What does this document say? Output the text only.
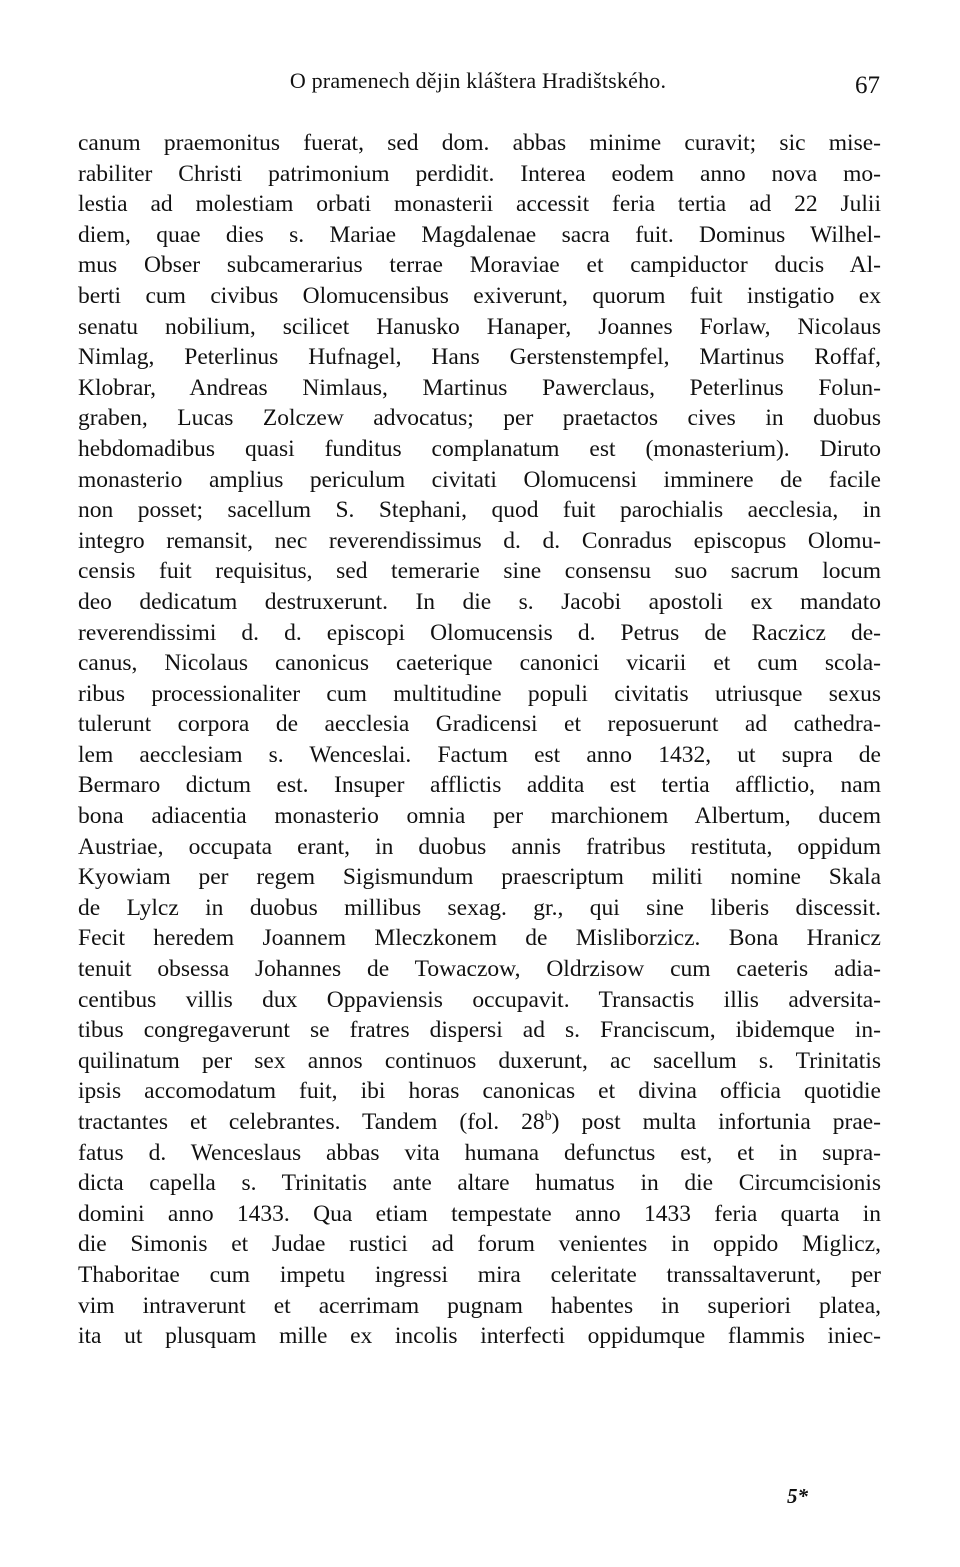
O pramenech dějin kláštera Hradištského.	67
canum praemonitus fuerat, sed dom. abbas minime curavit; sic mise-
rabiliter Christi patrimonium perdidit. Interea eodem anno nova mo-
lestia ad molestiam orbati monasterii accessit feria tertia ad 22 Julii
diem, quae dies s. Mariae Magdalenae sacra fuit. Dominus Wilhel-
mus Obser subcamerarius terrae Moraviae et campiductor ducis Al-
berti cum civibus Olomucensibus exiverunt, quorum fuit instigatio ex
senatu nobilium, scilicet Hanusko Hanaper, Joannes Forlaw, Nicolaus
Nimlag, Peterlinus Hufnagel, Hans Gerstenstempfel, Martinus Roffaf,
Klobrar, Andreas Nimlaus, Martinus Pawerclaus, Peterlinus Folun-
graben, Lucas Zolczew advocatus; per praetactos cives in duobus
hebdomadibus quasi funditus complanatum est (monasterium). Diruto
monasterio amplius periculum civitati Olomucensi imminere de facile
non posset; sacellum S. Stephani, quod fuit parochialis aecclesia, in
integro remansit, nec reverendissimus d. d. Conradus episcopus Olomu-
censis fuit requisitus, sed temerarie sine consensu suo sacrum locum
deo dedicatum destruxerunt. In die s. Jacobi apostoli ex mandato
reverendissimi d. d. episcopi Olomucensis d. Petrus de Raczicz de-
canus, Nicolaus canonicus caeterique canonici vicarii et cum scola-
ribus processionaliter cum multitudine populi civitatis utriusque sexus
tulerunt corpora de aecclesia Gradicensi et reposuerunt ad cathedra-
lem aecclesiam s. Wenceslai. Factum est anno 1432, ut supra de
Bermaro dictum est. Insuper afflictis addita est tertia afflictio, nam
bona adiacentia monasterio omnia per marchionem Albertum, ducem
Austriae, occupata erant, in duobus annis fratribus restituta, oppidum
Kyowiam per regem Sigismundum praescriptum militi nomine Skala
de Lylcz in duobus millibus sexag. gr., qui sine liberis discessit.
Fecit heredem Joannem Mleczkonem de Misliborzicz. Bona Hranicz
tenuit obsessa Johannes de Towaczow, Oldrzisow cum caeteris adia-
centibus villis dux Oppaviensis occupavit. Transactis illis adversita-
tibus congregaverunt se fratres dispersi ad s. Franciscum, ibidemque in-
quilinatum per sex annos continuos duxerunt, ac sacellum s. Trinitatis
ipsis accomodatum fuit, ibi horas canonicas et divina officia quotidie
tractantes et celebrantes. Tandem (fol. 28$^b$) post multa infortunia prae-
fatus d. Wenceslaus abbas vita humana defunctus est, et in supra-
dicta capella s. Trinitatis ante altare humatus in die Circumcisionis
domini anno 1433. Qua etiam tempestate anno 1433 feria quarta in
die Simonis et Judae rustici ad forum venientes in oppido Miglicz,
Thaboritae cum impetu ingressi mira celeritate transsaltaverunt, per
vim intraverunt et acerrimam pugnam habentes in superiori platea,
ita ut plusquam mille ex incolis interfecti oppidumque flammis iniec-
5*
